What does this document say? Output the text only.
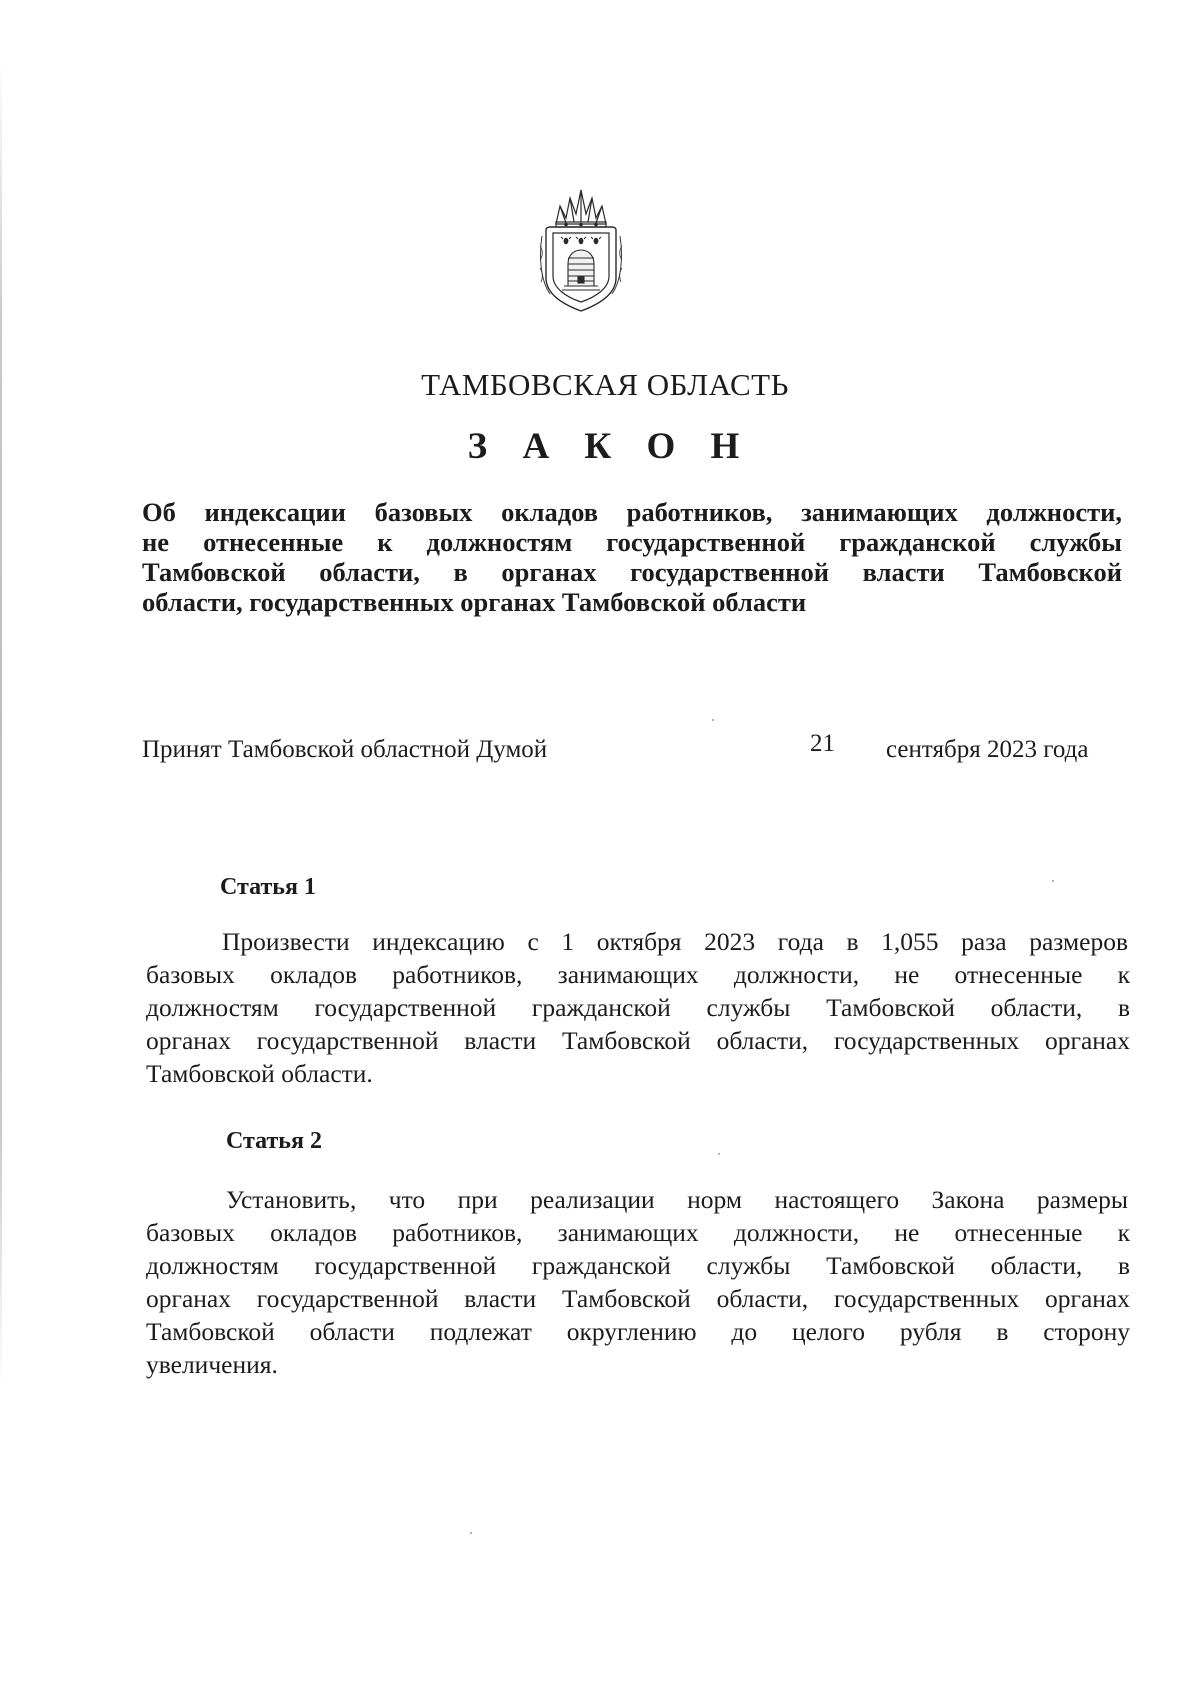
ТАМБОВСКАЯ ОБЛАСТЬ
З А К О Н
Об индексации базовых окладов работников, занимающих должности,
не отнесенные к должностям государственной гражданской службы
Тамбовской области, в органах государственной власти Тамбовской
области, государственных органах Тамбовской области
Принят Тамбовской областной Думой	21 сентября 2023 года
Статья 1
Произвести индексацию с 1 октября 2023 года в 1,055 раза размеров
базовых окладов работников, занимающих должности, не отнесенные к
должностям государственной гражданской службы Тамбовской области, в
органах государственной власти Тамбовской области, государственных органах
Тамбовской области.
Статья 2
Установить, что при реализации норм настоящего Закона размеры
базовых окладов работников, занимающих должности, не отнесенные к
должностям государственной гражданской службы Тамбовской области, в
органах государственной власти Тамбовской области, государственных органах
Тамбовской области подлежат округлению до целого рубля в сторону
увеличения.
